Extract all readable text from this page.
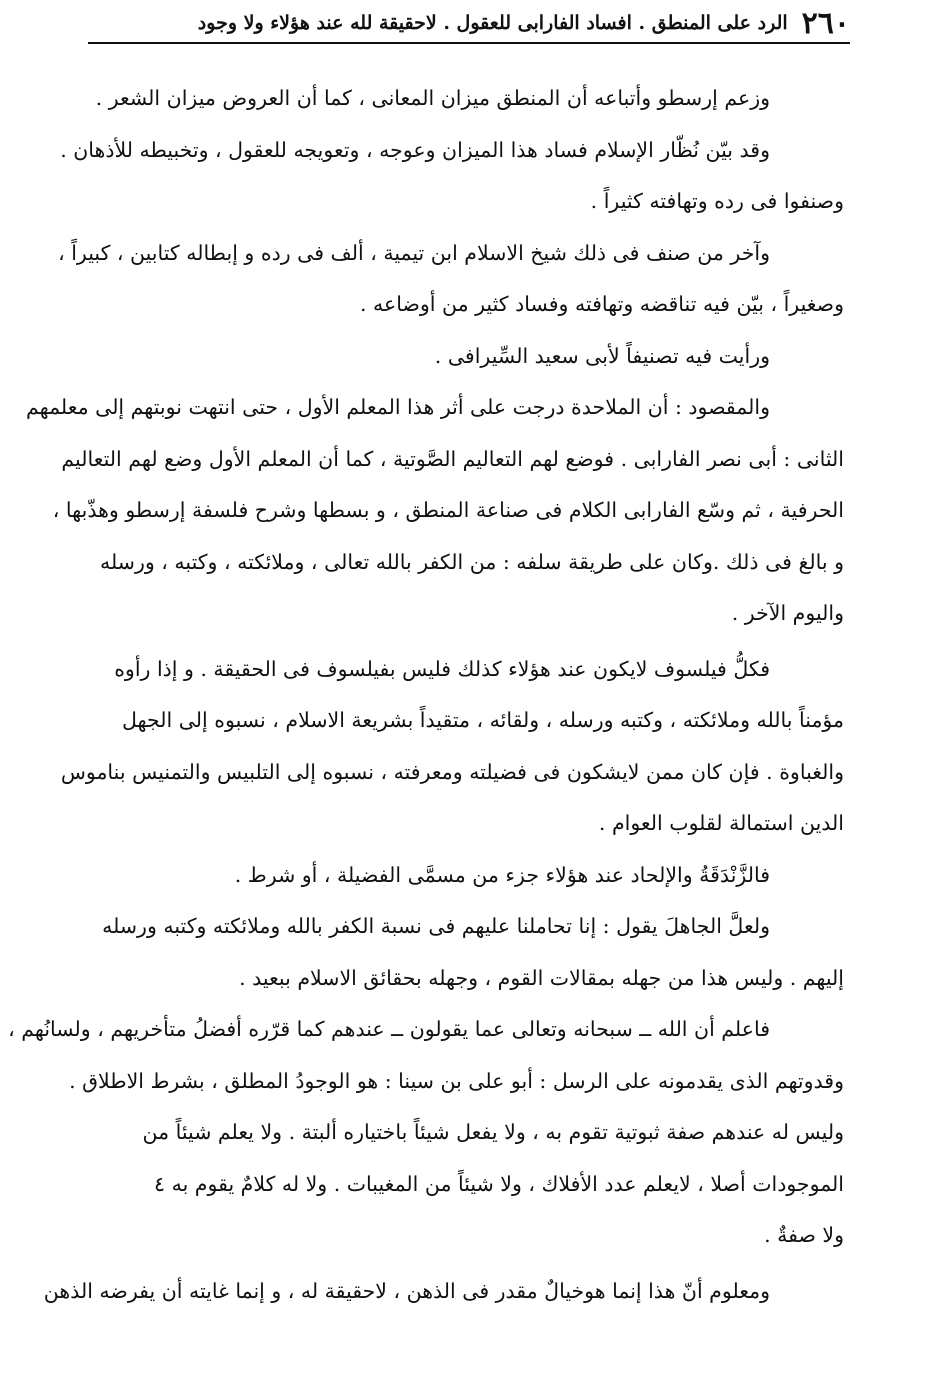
٢٦٠
الرد على المنطق . افساد الفارابى للعقول . لاحقيقة لله عند هؤلاء ولا وجود
وزعم إرسطو وأتباعه أن المنطق ميزان المعانى ، كما أن العروض ميزان الشعر .
وقد بيّن نُظّار الإسلام فساد هذا الميزان وعوجه ، وتعويجه للعقول ، وتخبيطه للأذهان .
وصنفوا فى رده وتهافته كثيراً .
وآخر من صنف فى ذلك شيخ الاسلام ابن تيمية ، ألف فى رده و إبطاله كتابين ، كبيراً ،
وصغيراً ، بيّن فيه تناقضه وتهافته وفساد كثير من أوضاعه .
ورأيت فيه تصنيفاً لأبى سعيد السِّيرافى .
والمقصود : أن الملاحدة درجت على أثر هذا المعلم الأول ، حتى انتهت نوبتهم إلى معلمهم
الثانى : أبى نصر الفارابى . فوضع لهم التعاليم الصَّوتية ، كما أن المعلم الأول وضع لهم التعاليم
الحرفية ، ثم وسّع الفارابى الكلام فى صناعة المنطق ، و بسطها وشرح فلسفة إرسطو وهذّبها ،
و بالغ فى ذلك .وكان على طريقة سلفه : من الكفر بالله تعالى ، وملائكته ، وكتبه ، ورسله
واليوم الآخر .
فكلُّ فيلسوف لايكون عند هؤلاء كذلك فليس بفيلسوف فى الحقيقة . و إذا رأوه
مؤمناً بالله وملائكته ، وكتبه ورسله ، ولقائه ، متقيداً بشريعة الاسلام ، نسبوه إلى الجهل
والغباوة . فإن كان ممن لايشكون فى فضيلته ومعرفته ، نسبوه إلى التلبيس والتمنيس بناموس
الدين استمالة لقلوب العوام .
فالزَّنْدَقَةُ والإلحاد عند هؤلاء جزء من مسمَّى الفضيلة ، أو شرط .
ولعلَّ الجاهلَ يقول : إنا تحاملنا عليهم فى نسبة الكفر بالله وملائكته وكتبه ورسله
إليهم . وليس هذا من جهله بمقالات القوم ، وجهله بحقائق الاسلام ببعيد .
فاعلم أن الله ــ سبحانه وتعالى عما يقولون ــ عندهم كما قرّره أفضلُ متأخريهم ، ولسانُهم ،
وقدوتهم الذى يقدمونه على الرسل : أبو على بن سينا : هو الوجودُ المطلق ، بشرط الاطلاق .
وليس له عندهم صفة ثبوتية تقوم به ، ولا يفعل شيئاً باختياره ألبتة . ولا يعلم شيئاً من
الموجودات أصلا ، لايعلم عدد الأفلاك ، ولا شيئاً من المغيبات . ولا له كلامٌ يقوم به ٤
ولا صفةٌ .
ومعلوم أنّ هذا إنما هوخيالٌ مقدر فى الذهن ، لاحقيقة له ، و إنما غايته أن يفرضه الذهن
